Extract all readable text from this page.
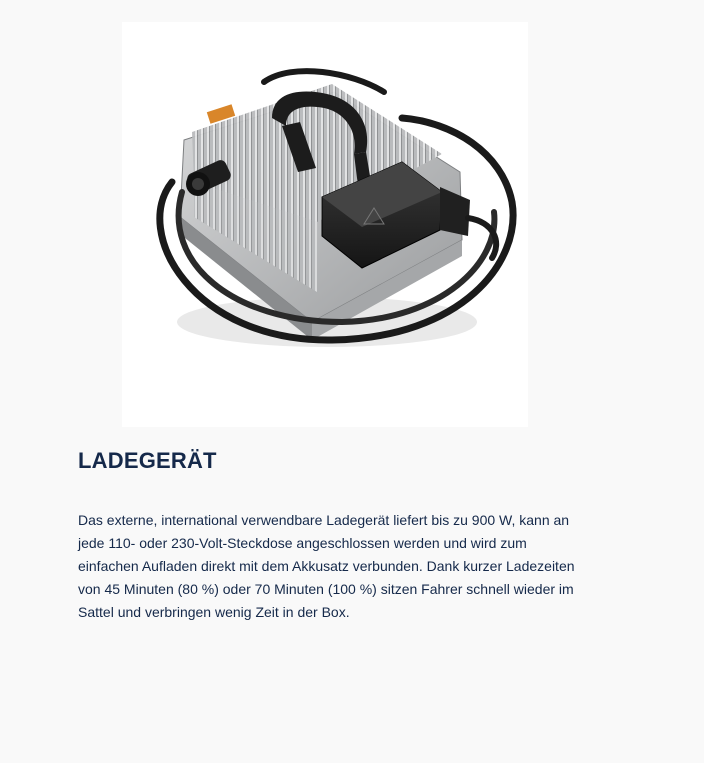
LADEGERÄT

Das externe, international verwendbare Ladegerät liefert bis zu 900 W, kann an jede 110- oder 230-Volt-Steckdose angeschlossen werden und wird zum einfachen Aufladen direkt mit dem Akkusatz verbunden. Dank kurzer Ladezeiten von 45 Minuten (80 %) oder 70 Minuten (100 %) sitzen Fahrer schnell wieder im Sattel und verbringen wenig Zeit in der Box.
